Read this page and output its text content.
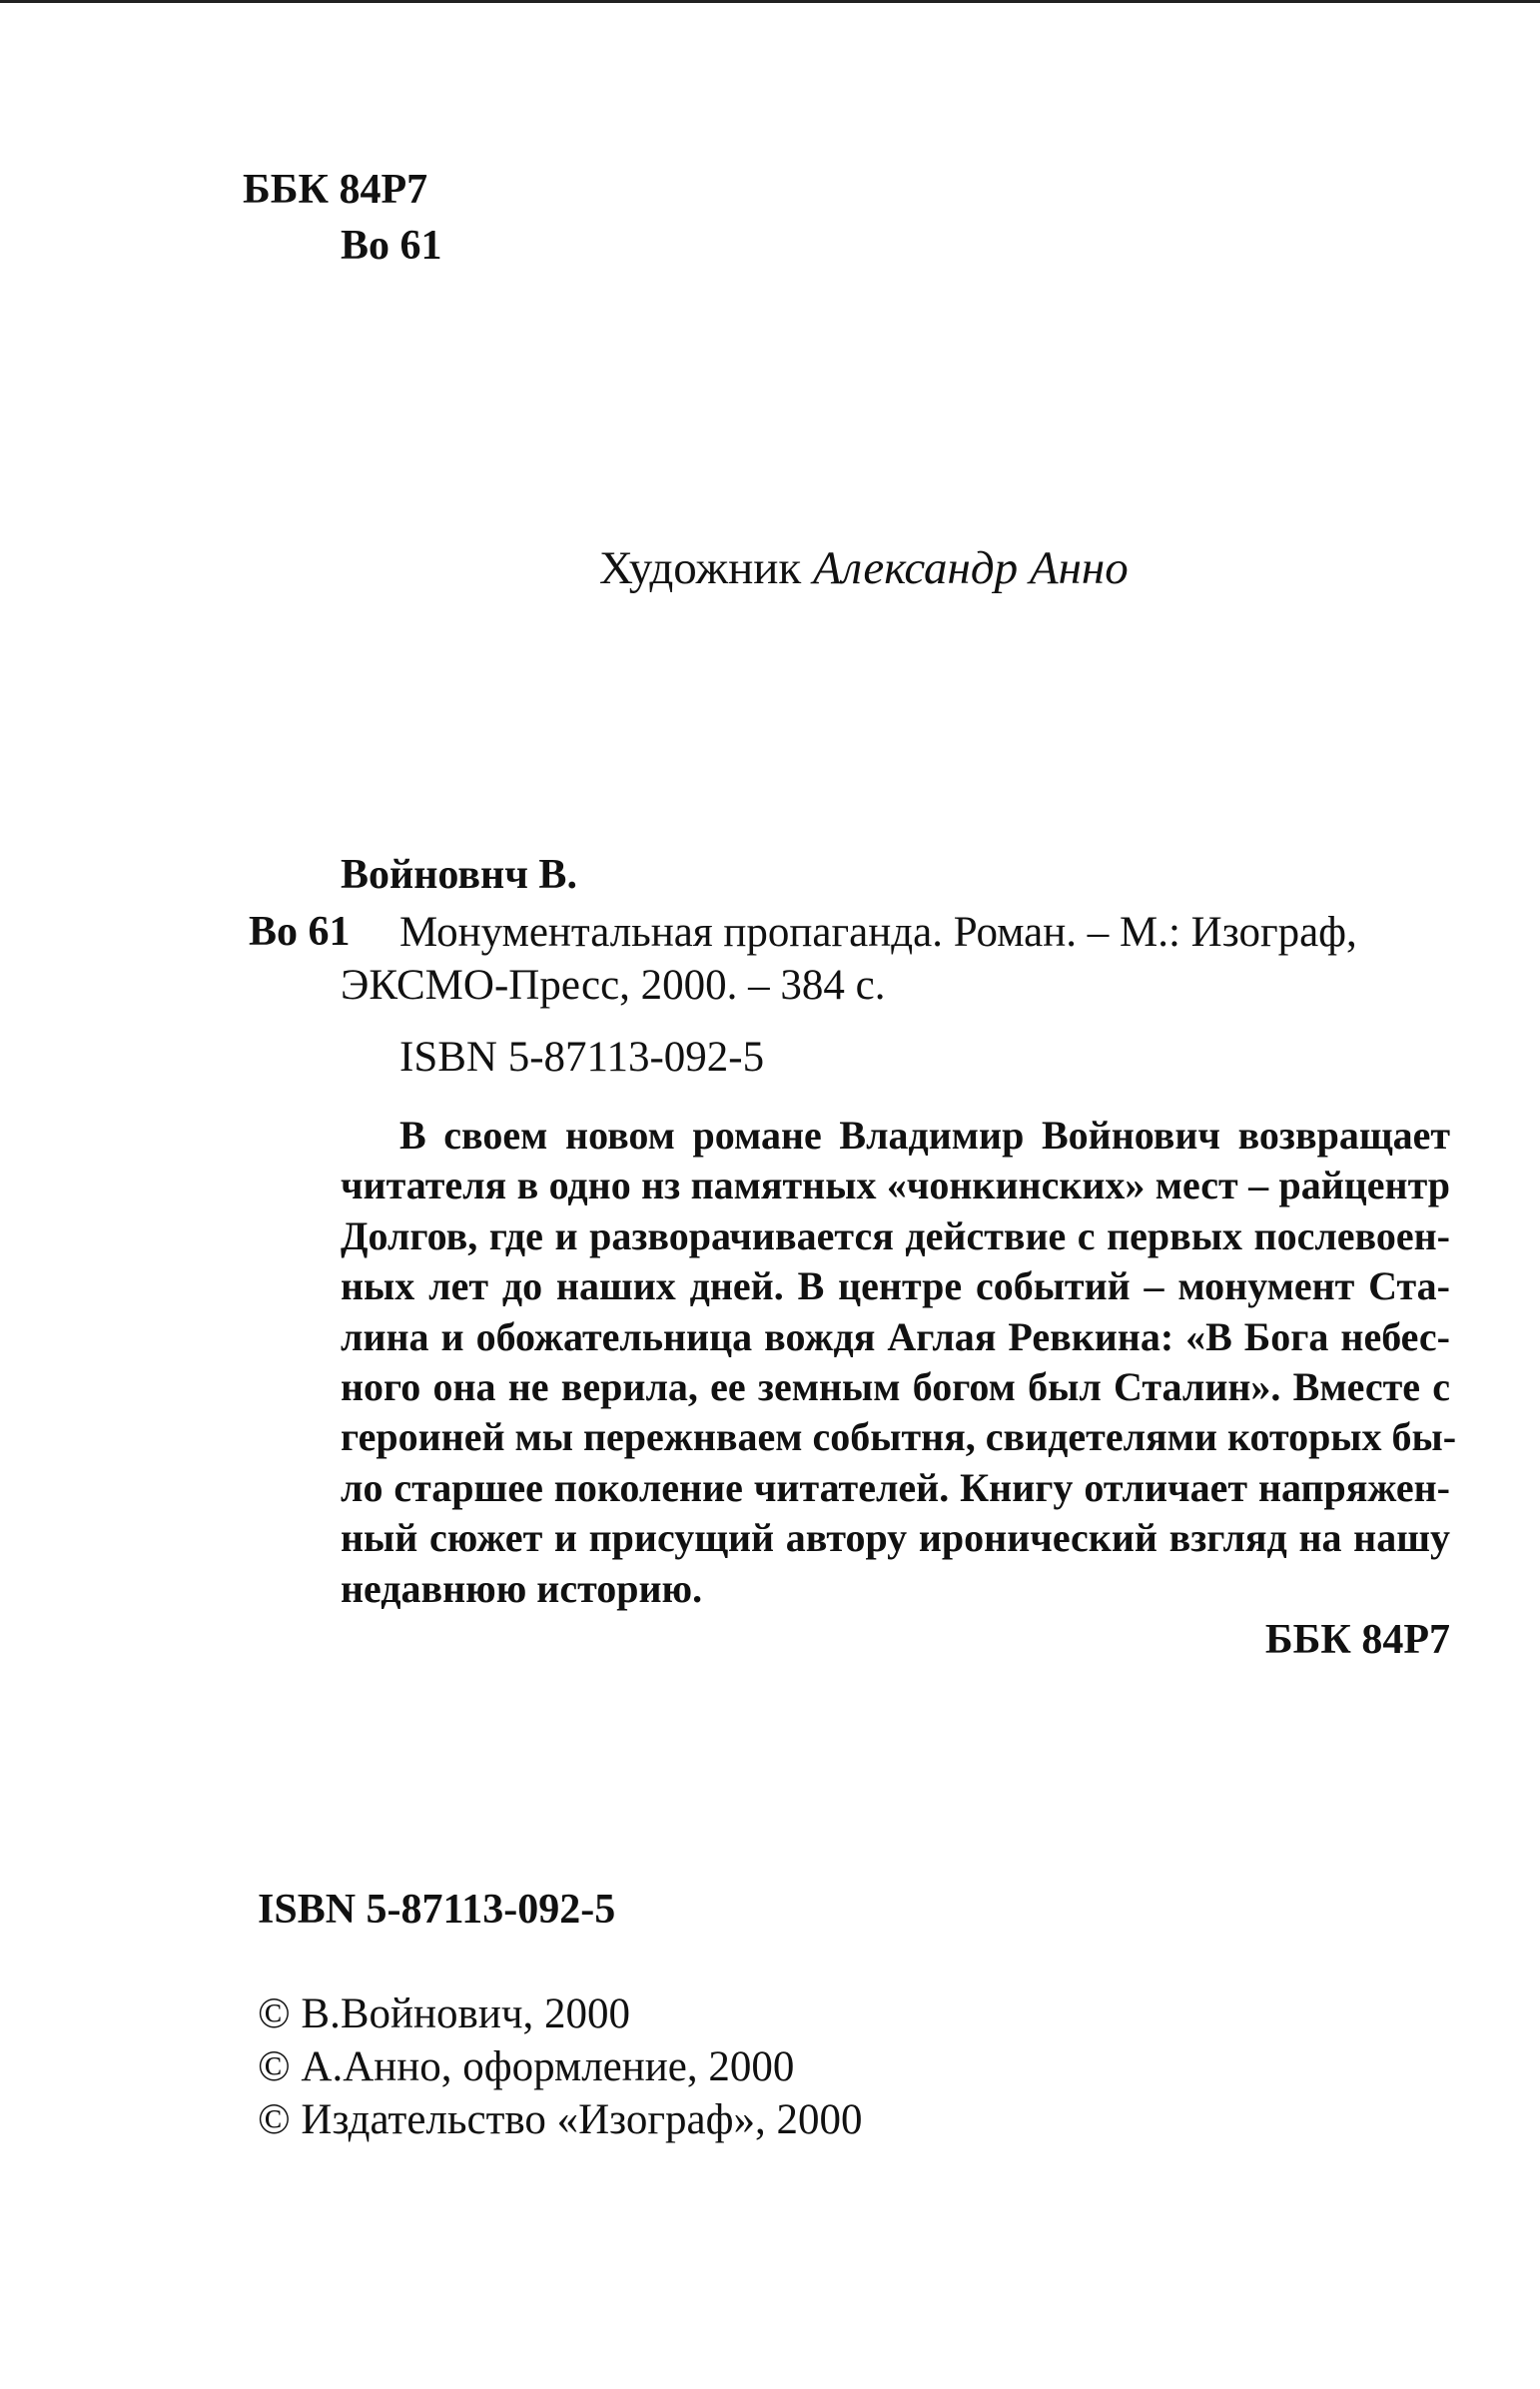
ББК 84Р7
Во 61
Художник Александр Анно
Войновнч В.
Во 61 Монументальная пропаганда. Роман. – М.: Изограф,
ЭКСМО-Пресс, 2000. – 384 с.
ISBN 5-87113-092-5
В своем новом романе Владимир Войнович возвращает
читателя в одно нз памятных «чонкинских» мест – райцентр
Долгов, где и разворачивается действие с первых послевоен-
ных лет до наших дней. В центре событий – монумент Ста-
лина и обожательница вождя Аглая Ревкина: «В Бога небес-
ного она не верила, ее земным богом был Сталин». Вместе с
героиней мы пережнваем событня, свидетелями которых бы-
ло старшее поколение читателей. Книгу отличает напряжен-
ный сюжет и присущий автору иронический взгляд на нашу
недавнюю историю.
ББК 84Р7
ISBN 5-87113-092-5
© В.Войнович, 2000
© А.Анно, оформление, 2000
© Издательство «Изограф», 2000
